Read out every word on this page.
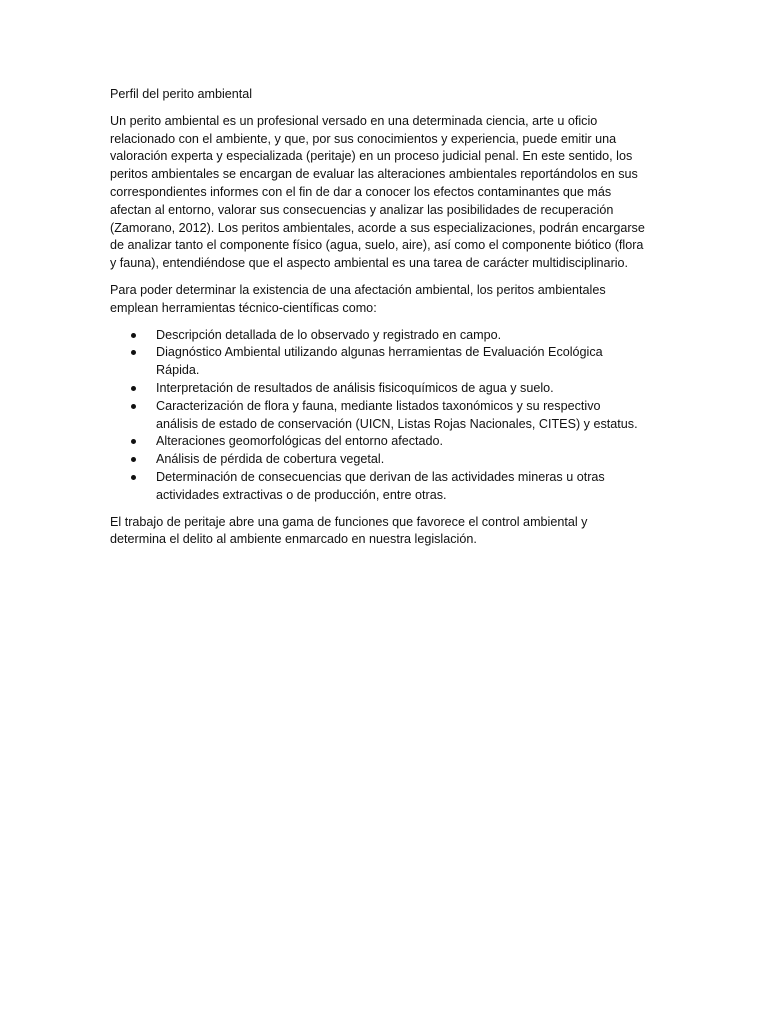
Perfil del perito ambiental

Un perito ambiental es un profesional versado en una determinada ciencia, arte u oficio relacionado con el ambiente, y que, por sus conocimientos y experiencia, puede emitir una valoración experta y especializada (peritaje) en un proceso judicial penal. En este sentido, los peritos ambientales se encargan de evaluar las alteraciones ambientales reportándolos en sus correspondientes informes con el fin de dar a conocer los efectos contaminantes que más afectan al entorno, valorar sus consecuencias y analizar las posibilidades de recuperación (Zamorano, 2012). Los peritos ambientales, acorde a sus especializaciones, podrán encargarse de analizar tanto el componente físico (agua, suelo, aire), así como el componente biótico (flora y fauna), entendiéndose que el aspecto ambiental es una tarea de carácter multidisciplinario.

Para poder determinar la existencia de una afectación ambiental, los peritos ambientales emplean herramientas técnico-científicas como:

Descripción detallada de lo observado y registrado en campo.
Diagnóstico Ambiental utilizando algunas herramientas de Evaluación Ecológica Rápida.
Interpretación de resultados de análisis fisicoquímicos de agua y suelo.
Caracterización de flora y fauna, mediante listados taxonómicos y su respectivo análisis de estado de conservación (UICN, Listas Rojas Nacionales, CITES) y estatus.
Alteraciones geomorfológicas del entorno afectado.
Análisis de pérdida de cobertura vegetal.
Determinación de consecuencias que derivan de las actividades mineras u otras actividades extractivas o de producción, entre otras.

El trabajo de peritaje abre una gama de funciones que favorece el control ambiental y determina el delito al ambiente enmarcado en nuestra legislación.
